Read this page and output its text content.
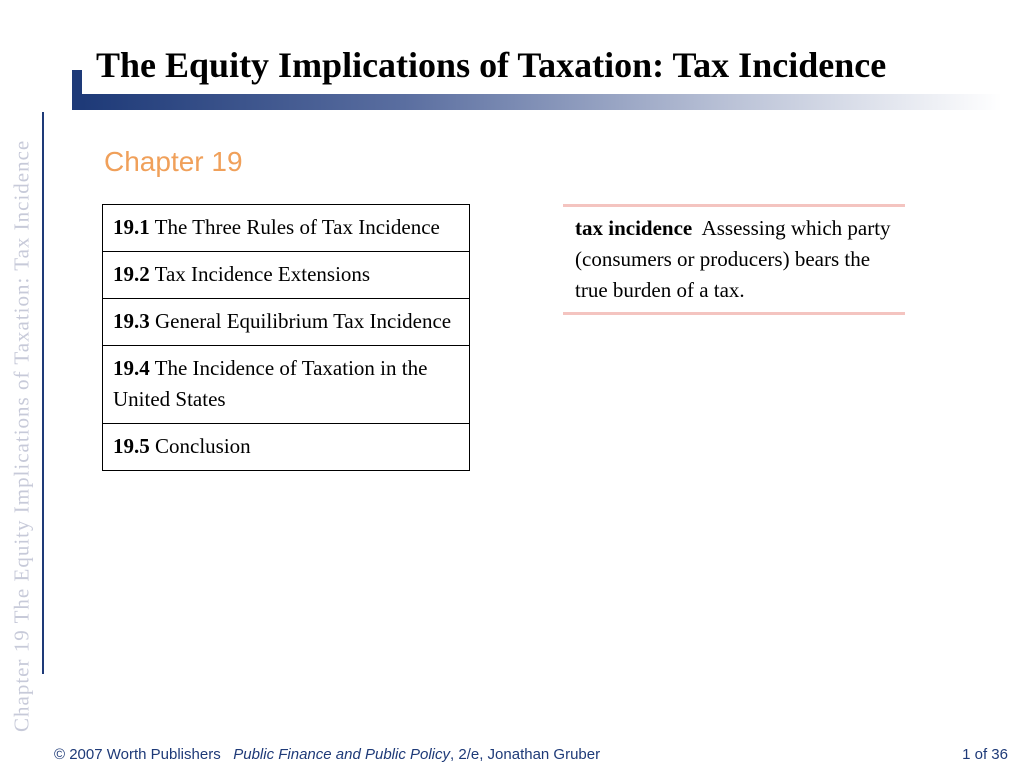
Chapter 19 The Equity Implications of Taxation: Tax Incidence
The Equity Implications of Taxation: Tax Incidence
Chapter 19
19.1 The Three Rules of Tax Incidence
19.2 Tax Incidence Extensions
19.3 General Equilibrium Tax Incidence
19.4 The Incidence of Taxation in the United States
19.5 Conclusion
tax incidence Assessing which party (consumers or producers) bears the true burden of a tax.
© 2007 Worth Publishers Public Finance and Public Policy, 2/e, Jonathan Gruber	1 of 36
